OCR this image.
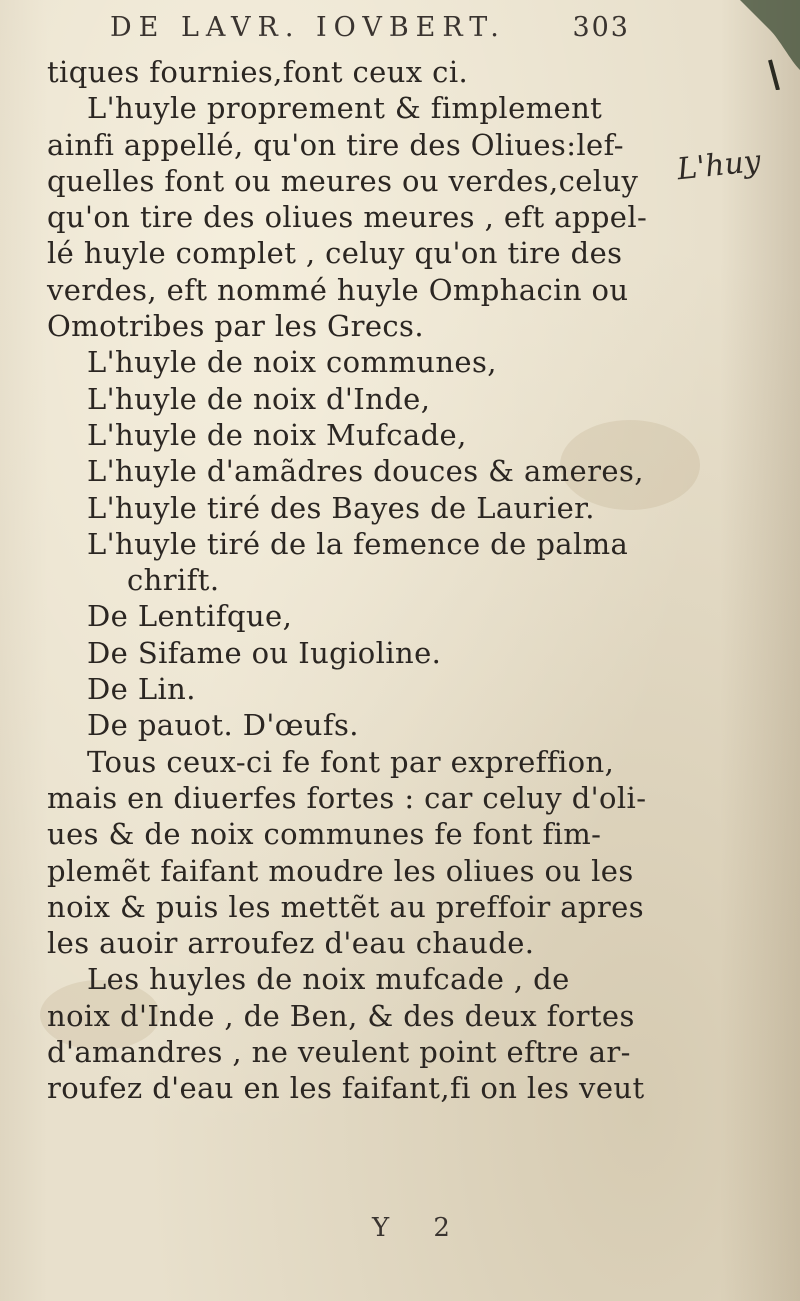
DE LAVR. IOVBERT. 303
L'huy
tiques fournies,font ceux ci.
L'huyle proprement & fimplement
ainfi appellé, qu'on tire des Oliues:lef-
quelles font ou meures ou verdes,celuy
qu'on tire des oliues meures , eft appel-
lé huyle complet , celuy qu'on tire des
verdes, eft nommé huyle Omphacin ou
Omotribes par les Grecs.
L'huyle de noix communes,
L'huyle de noix d'Inde,
L'huyle de noix Mufcade,
L'huyle d'amãdres douces & ameres,
L'huyle tiré des Bayes de Laurier.
L'huyle tiré de la femence de palma
chrift.
De Lentifque,
De Sifame ou Iugioline.
De Lin.
De pauot. D'œufs.
Tous ceux-ci fe font par expreffion,
mais en diuerfes fortes : car celuy d'oli-
ues & de noix communes fe font fim-
plemẽt faifant moudre les oliues ou les
noix & puis les mettẽt au preffoir apres
les auoir arroufez d'eau chaude.
Les huyles de noix mufcade , de
noix d'Inde , de Ben, & des deux fortes
d'amandres , ne veulent point eftre ar-
roufez d'eau en les faifant,fi on les veut
Y 2
